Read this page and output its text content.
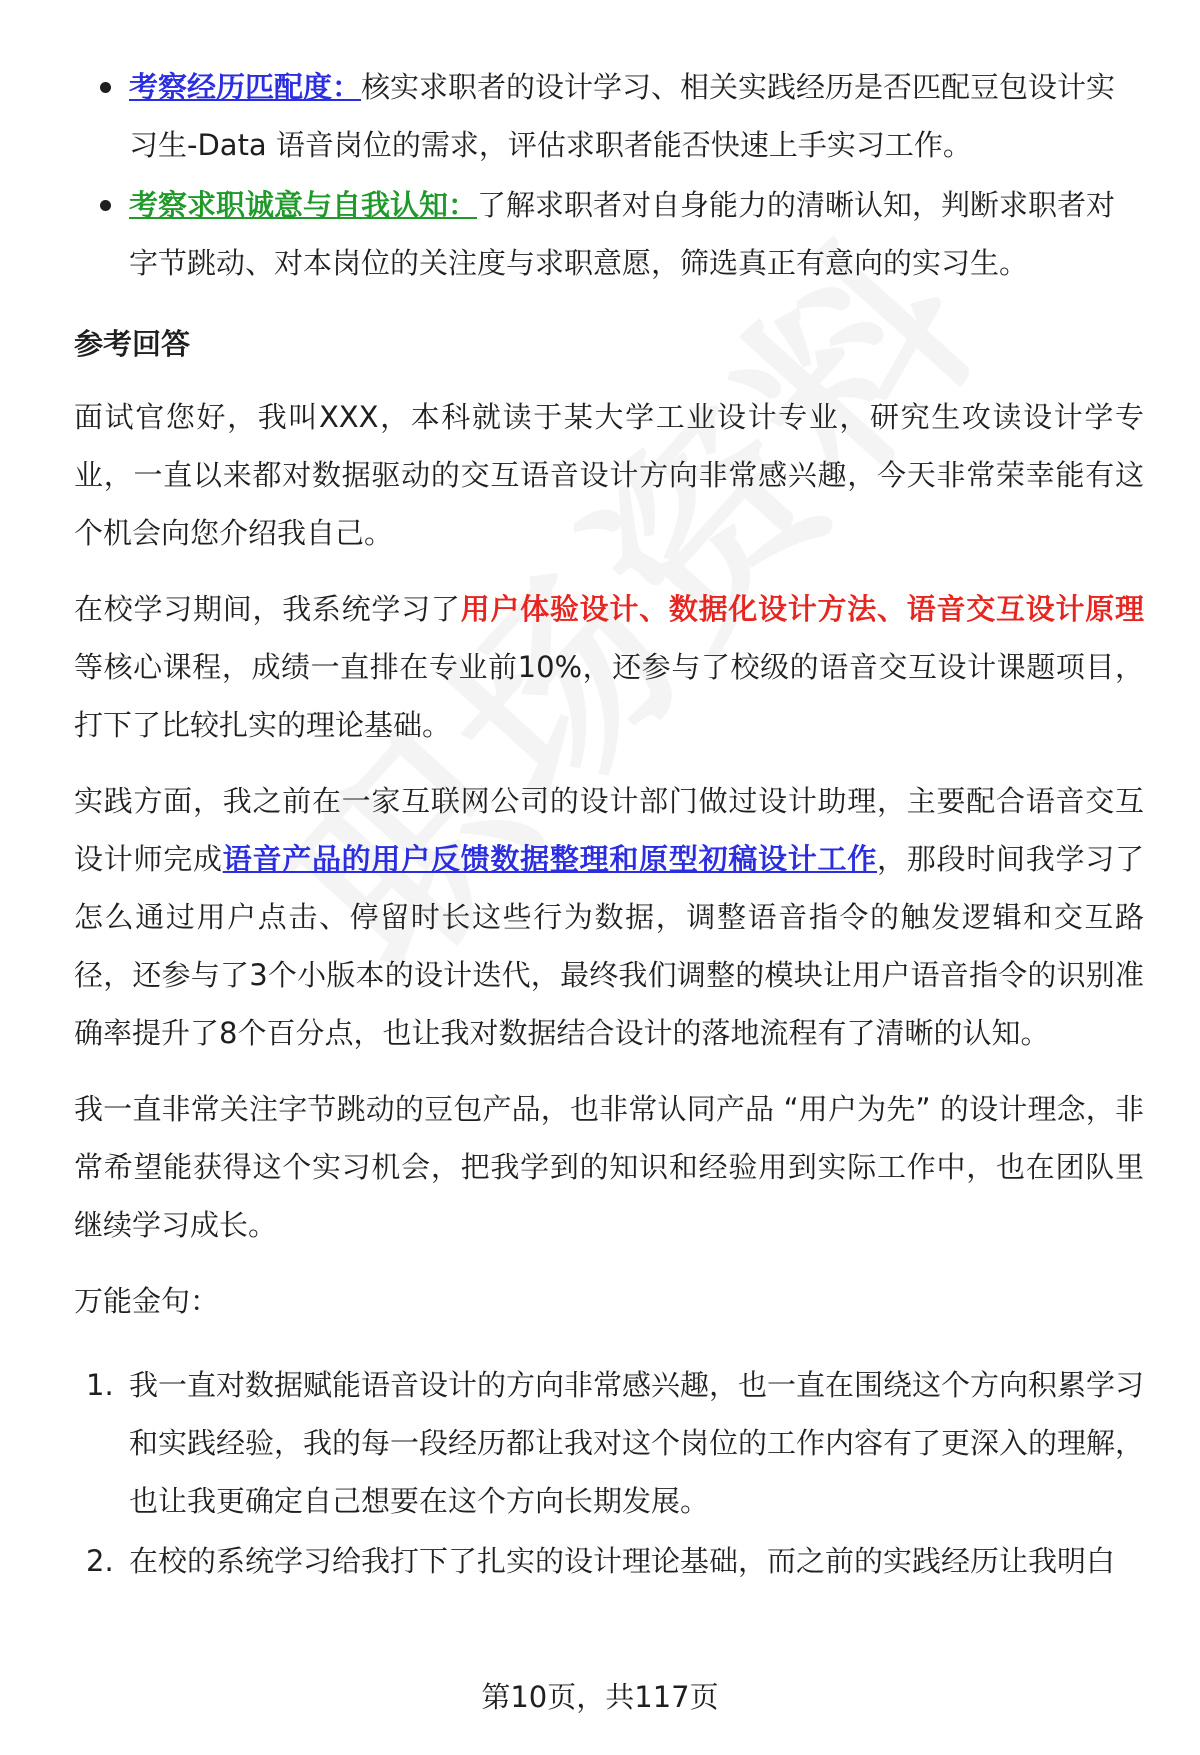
考察经历匹配度：核实求职者的设计学习、相关实践经历是否匹配豆包设计实习生-Data 语音岗位的需求，评估求职者能否快速上手实习工作。
考察求职诚意与自我认知：了解求职者对自身能力的清晰认知，判断求职者对字节跳动、对本岗位的关注度与求职意愿，筛选真正有意向的实习生。
参考回答

面试官您好，我叫XXX，本科就读于某大学工业设计专业，研究生攻读设计学专业，一直以来都对数据驱动的交互语音设计方向非常感兴趣，今天非常荣幸能有这个机会向您介绍我自己。

在校学习期间，我系统学习了用户体验设计、数据化设计方法、语音交互设计原理等核心课程，成绩一直排在专业前10%，还参与了校级的语音交互设计课题项目，打下了比较扎实的理论基础。

实践方面，我之前在一家互联网公司的设计部门做过设计助理，主要配合语音交互设计师完成语音产品的用户反馈数据整理和原型初稿设计工作，那段时间我学习了怎么通过用户点击、停留时长这些行为数据，调整语音指令的触发逻辑和交互路径，还参与了3个小版本的设计迭代，最终我们调整的模块让用户语音指令的识别准确率提升了8个百分点，也让我对数据结合设计的落地流程有了清晰的认知。

我一直非常关注字节跳动的豆包产品，也非常认同产品 “用户为先” 的设计理念，非常希望能获得这个实习机会，把我学到的知识和经验用到实际工作中，也在团队里继续学习成长。

万能金句：

1. 我一直对数据赋能语音设计的方向非常感兴趣，也一直在围绕这个方向积累学习和实践经验，我的每一段经历都让我对这个岗位的工作内容有了更深入的理解，也让我更确定自己想要在这个方向长期发展。
2. 在校的系统学习给我打下了扎实的设计理论基础，而之前的实践经历让我明白
第10页，共117页
